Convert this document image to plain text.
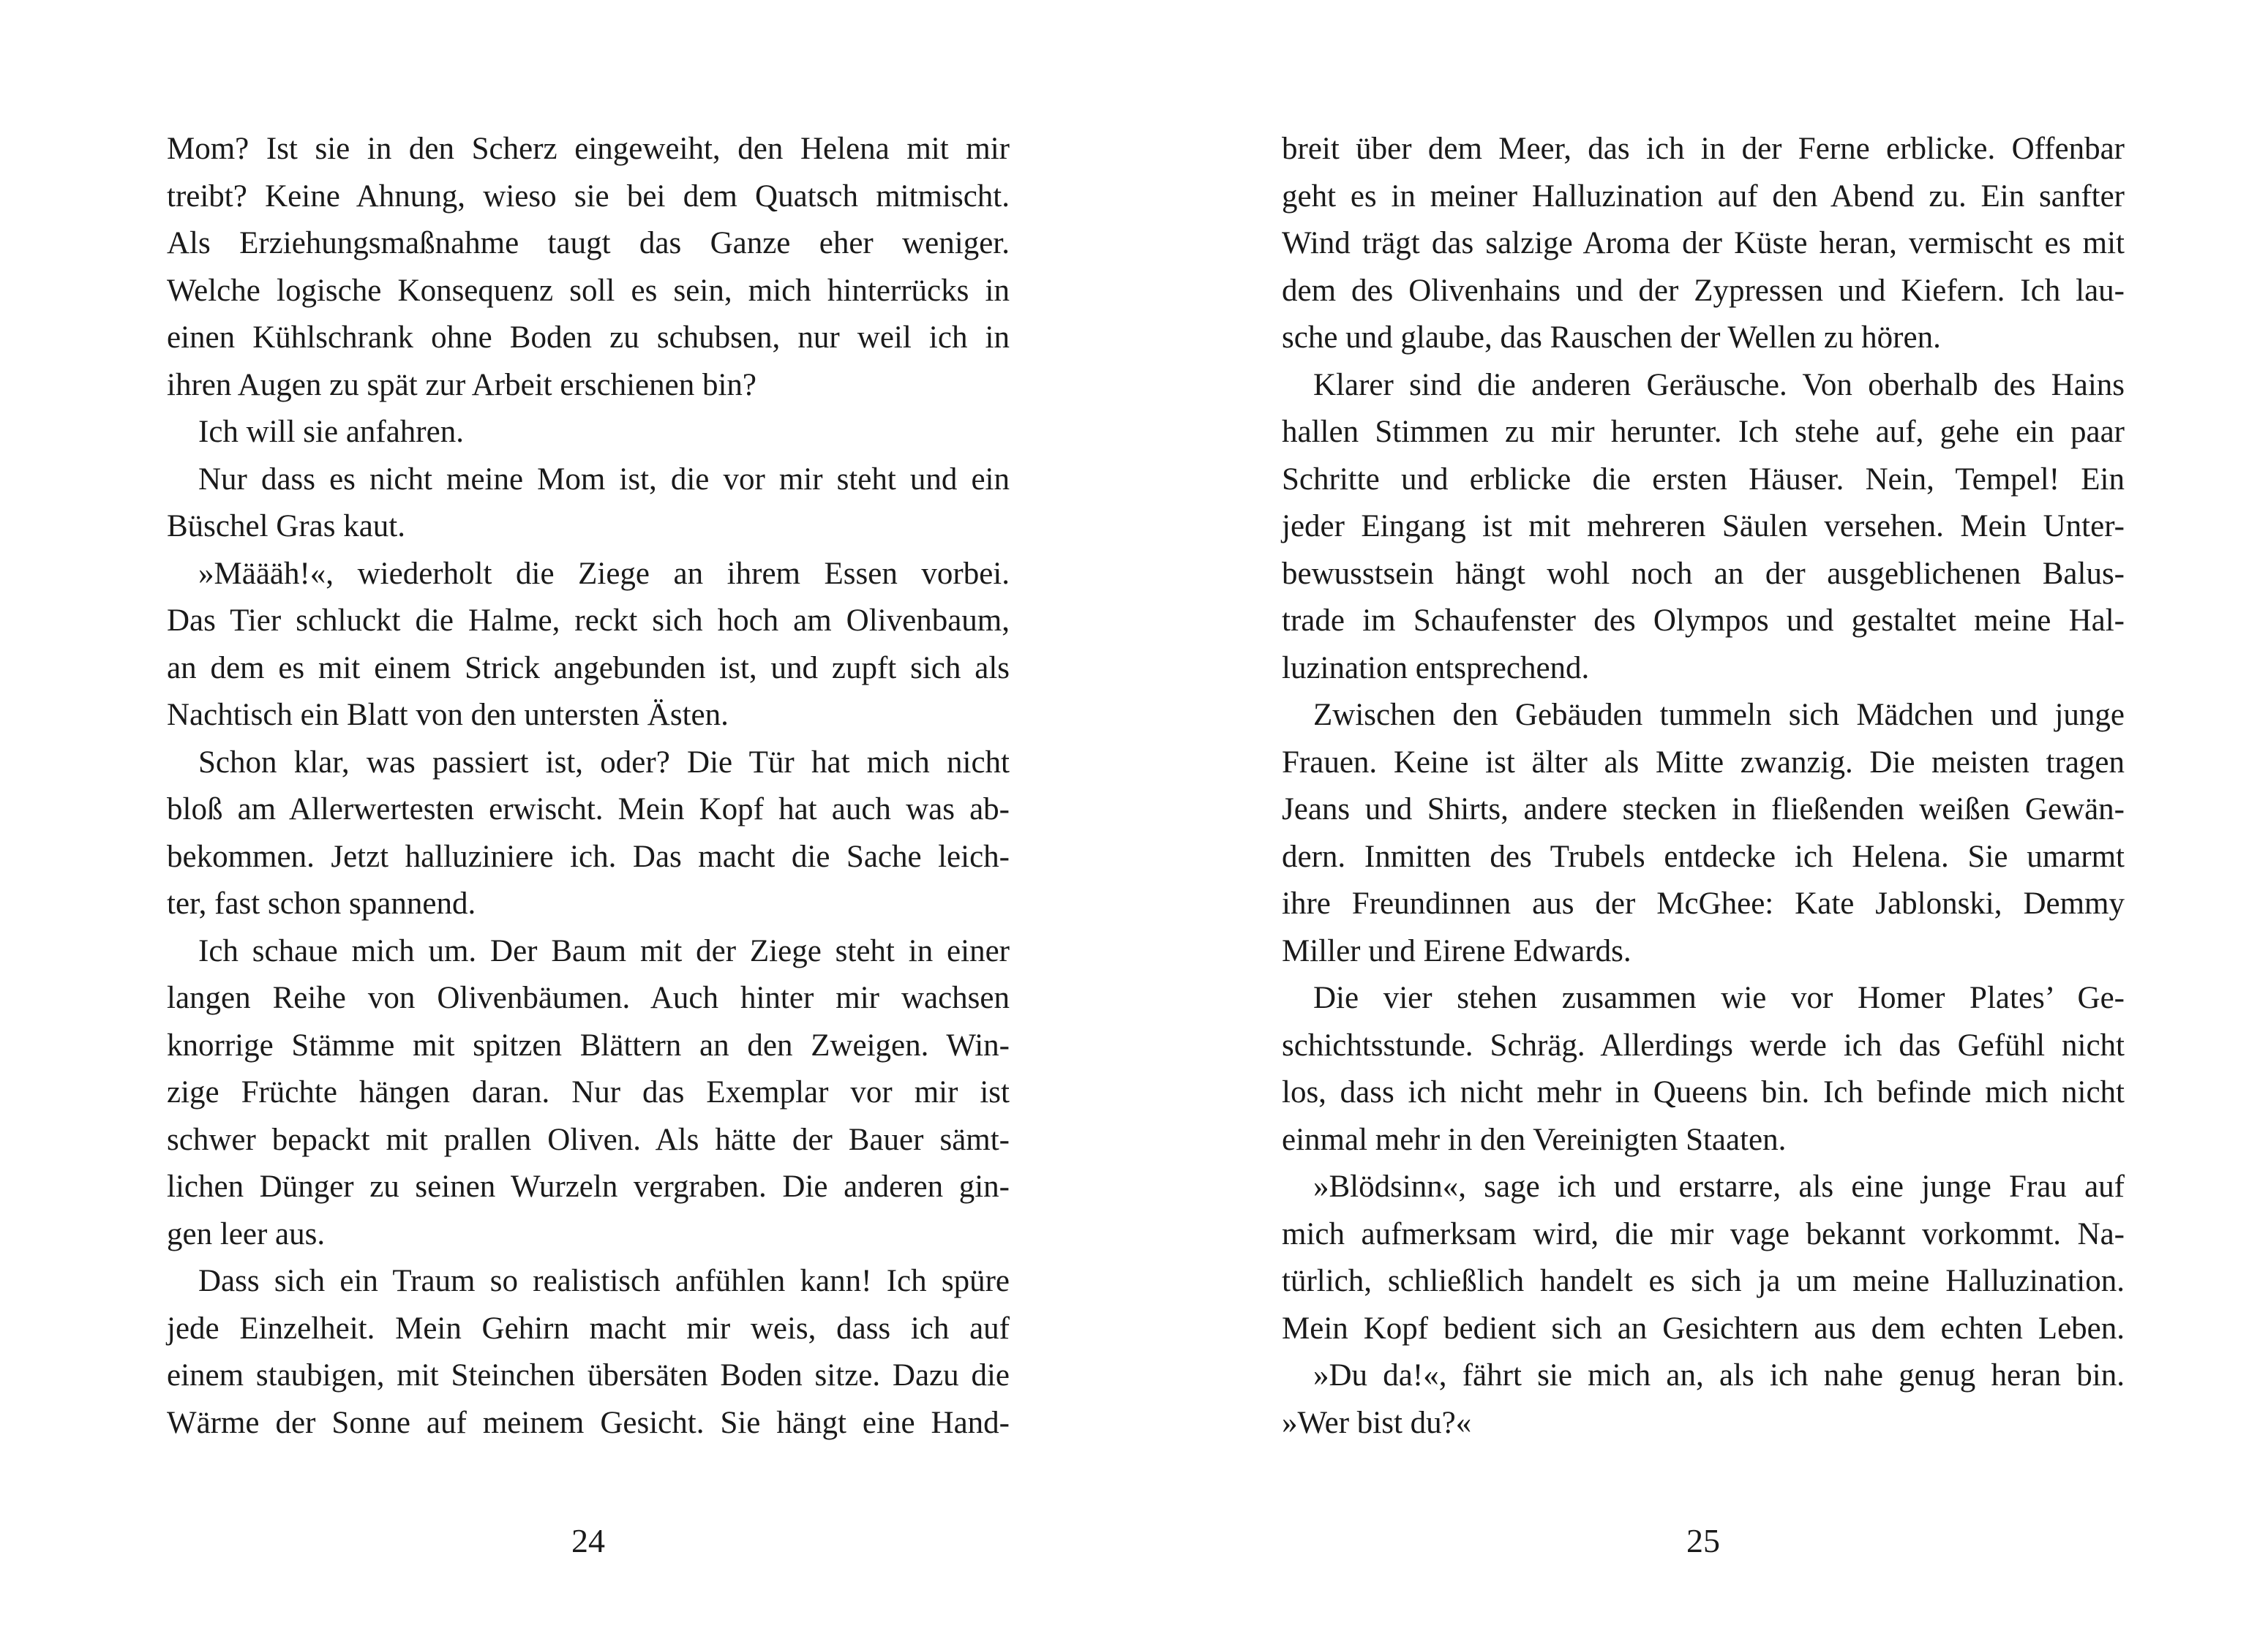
Mom? Ist sie in den Scherz eingeweiht, den Helena mit mir
treibt? Keine Ahnung, wieso sie bei dem Quatsch mitmischt.
Als Erziehungsmaßnahme taugt das Ganze eher weniger.
Welche logische Konsequenz soll es sein, mich hinterrücks in
einen Kühlschrank ohne Boden zu schubsen, nur weil ich in
ihren Augen zu spät zur Arbeit erschienen bin?
Ich will sie anfahren.
Nur dass es nicht meine Mom ist, die vor mir steht und ein
Büschel Gras kaut.
»Määäh!«, wiederholt die Ziege an ihrem Essen vorbei.
Das Tier schluckt die Halme, reckt sich hoch am Olivenbaum,
an dem es mit einem Strick angebunden ist, und zupft sich als
Nachtisch ein Blatt von den untersten Ästen.
Schon klar, was passiert ist, oder? Die Tür hat mich nicht
bloß am Allerwertesten erwischt. Mein Kopf hat auch was ab-
bekommen. Jetzt halluziniere ich. Das macht die Sache leich-
ter, fast schon spannend.
Ich schaue mich um. Der Baum mit der Ziege steht in einer
langen Reihe von Olivenbäumen. Auch hinter mir wachsen
knorrige Stämme mit spitzen Blättern an den Zweigen. Win-
zige Früchte hängen daran. Nur das Exemplar vor mir ist
schwer bepackt mit prallen Oliven. Als hätte der Bauer sämt-
lichen Dünger zu seinen Wurzeln vergraben. Die anderen gin-
gen leer aus.
Dass sich ein Traum so realistisch anfühlen kann! Ich spüre
jede Einzelheit. Mein Gehirn macht mir weis, dass ich auf
einem staubigen, mit Steinchen übersäten Boden sitze. Dazu die
Wärme der Sonne auf meinem Gesicht. Sie hängt eine Hand-
24
breit über dem Meer, das ich in der Ferne erblicke. Offenbar
geht es in meiner Halluzination auf den Abend zu. Ein sanfter
Wind trägt das salzige Aroma der Küste heran, vermischt es mit
dem des Olivenhains und der Zypressen und Kiefern. Ich lau-
sche und glaube, das Rauschen der Wellen zu hören.
Klarer sind die anderen Geräusche. Von oberhalb des Hains
hallen Stimmen zu mir herunter. Ich stehe auf, gehe ein paar
Schritte und erblicke die ersten Häuser. Nein, Tempel! Ein
jeder Eingang ist mit mehreren Säulen versehen. Mein Unter-
bewusstsein hängt wohl noch an der ausgeblichenen Balus-
trade im Schaufenster des Olympos und gestaltet meine Hal-
luzination entsprechend.
Zwischen den Gebäuden tummeln sich Mädchen und junge
Frauen. Keine ist älter als Mitte zwanzig. Die meisten tragen
Jeans und Shirts, andere stecken in fließenden weißen Gewän-
dern. Inmitten des Trubels entdecke ich Helena. Sie umarmt
ihre Freundinnen aus der McGhee: Kate Jablonski, Demmy
Miller und Eirene Edwards.
Die vier stehen zusammen wie vor Homer Plates’ Ge-
schichtsstunde. Schräg. Allerdings werde ich das Gefühl nicht
los, dass ich nicht mehr in Queens bin. Ich befinde mich nicht
einmal mehr in den Vereinigten Staaten.
»Blödsinn«, sage ich und erstarre, als eine junge Frau auf
mich aufmerksam wird, die mir vage bekannt vorkommt. Na-
türlich, schließlich handelt es sich ja um meine Halluzination.
Mein Kopf bedient sich an Gesichtern aus dem echten Leben.
»Du da!«, fährt sie mich an, als ich nahe genug heran bin.
»Wer bist du?«
25
